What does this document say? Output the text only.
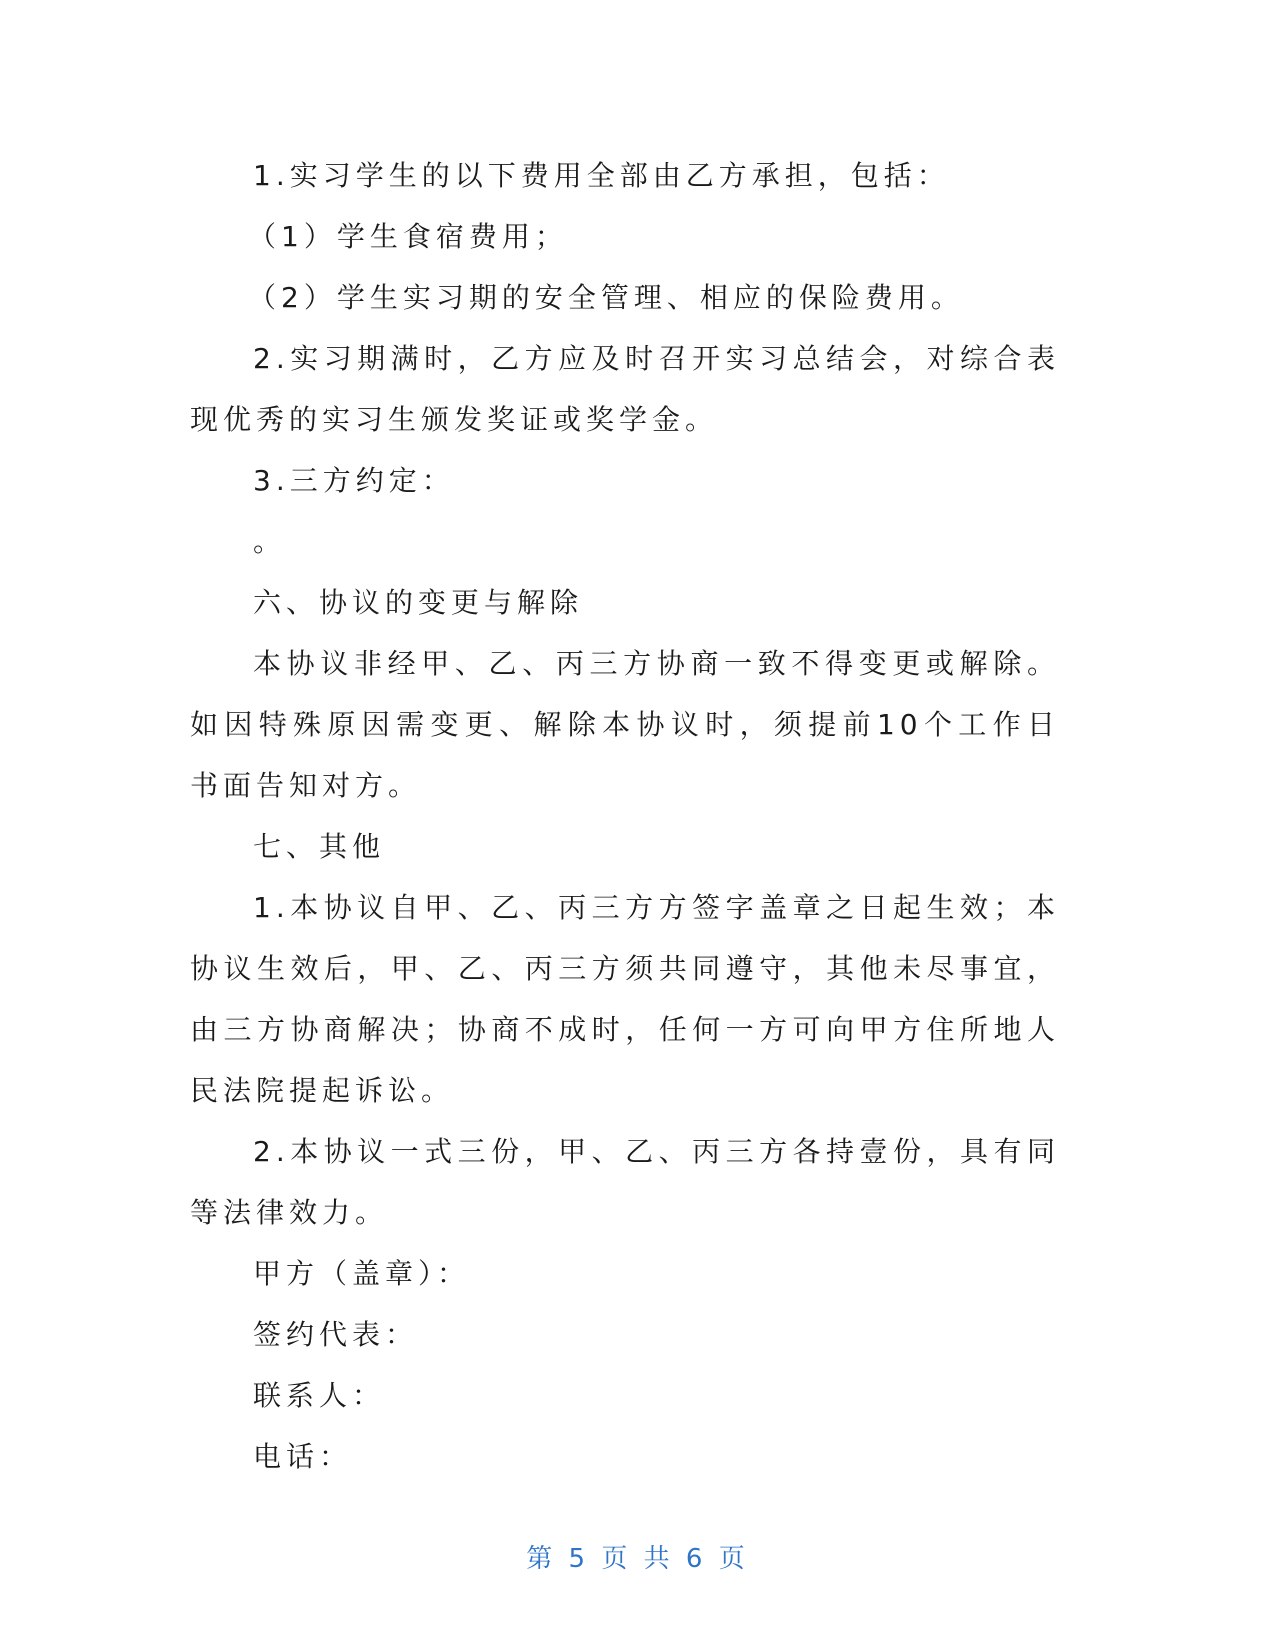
1.实习学生的以下费用全部由乙方承担，包括：

（1）学生食宿费用；

（2）学生实习期的安全管理、相应的保险费用。

2.实习期满时，乙方应及时召开实习总结会，对综合表现优秀的实习生颁发奖证或奖学金。

3.三方约定：

。

六、协议的变更与解除

本协议非经甲、乙、丙三方协商一致不得变更或解除。如因特殊原因需变更、解除本协议时，须提前10个工作日书面告知对方。

七、其他

1.本协议自甲、乙、丙三方方签字盖章之日起生效；本协议生效后，甲、乙、丙三方须共同遵守，其他未尽事宜，由三方协商解决；协商不成时，任何一方可向甲方住所地人民法院提起诉讼。

2.本协议一式三份，甲、乙、丙三方各持壹份，具有同等法律效力。

甲方（盖章）：

签约代表：

联系人：

电话：

第 5 页 共 6 页
